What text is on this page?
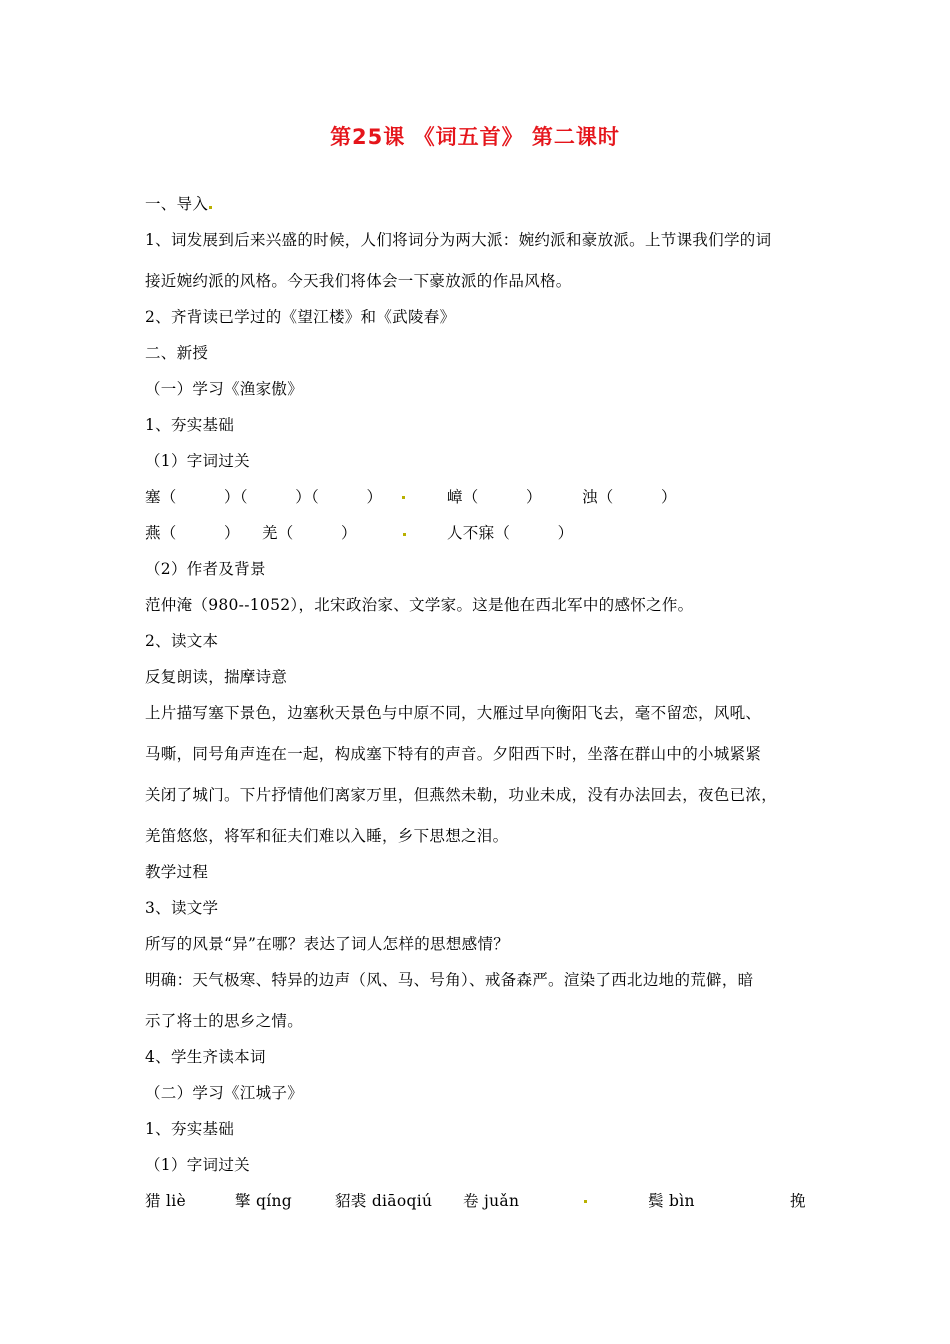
第25课 《词五首》 第二课时
一、导入
1、词发展到后来兴盛的时候，人们将词分为两大派：婉约派和豪放派。上节课我们学的词
接近婉约派的风格。今天我们将体会一下豪放派的作品风格。
2、齐背读已学过的《望江楼》和《武陵春》
二、新授
（一）学习《渔家傲》
1、夯实基础
（1）字词过关
塞（　　　）（　　　）（　　　）	嶂（　　　）	浊（　　　）
燕（　　　） 羌（　　　）	人不寐（　　　）
（2）作者及背景
范仲淹（980--1052），北宋政治家、文学家。这是他在西北军中的感怀之作。
2、读文本
反复朗读，揣摩诗意
上片描写塞下景色，边塞秋天景色与中原不同，大雁过早向衡阳飞去，毫不留恋，风吼、
马嘶，同号角声连在一起，构成塞下特有的声音。夕阳西下时，坐落在群山中的小城紧紧
关闭了城门。下片抒情他们离家万里，但燕然未勒，功业未成，没有办法回去，夜色已浓，
羌笛悠悠，将军和征夫们难以入睡，乡下思想之泪。
教学过程
3、读文学
所写的风景“异”在哪？表达了词人怎样的思想感情？
明确：天气极寒、特异的边声（风、马、号角）、戒备森严。渲染了西北边地的荒僻，暗
示了将士的思乡之情。
4、学生齐读本词
（二）学习《江城子》
1、夯实基础
（1）字词过关
猎 liè	擎 qíng	貂裘 diāoqiú 卷 juǎn	鬓 bìn	挽
